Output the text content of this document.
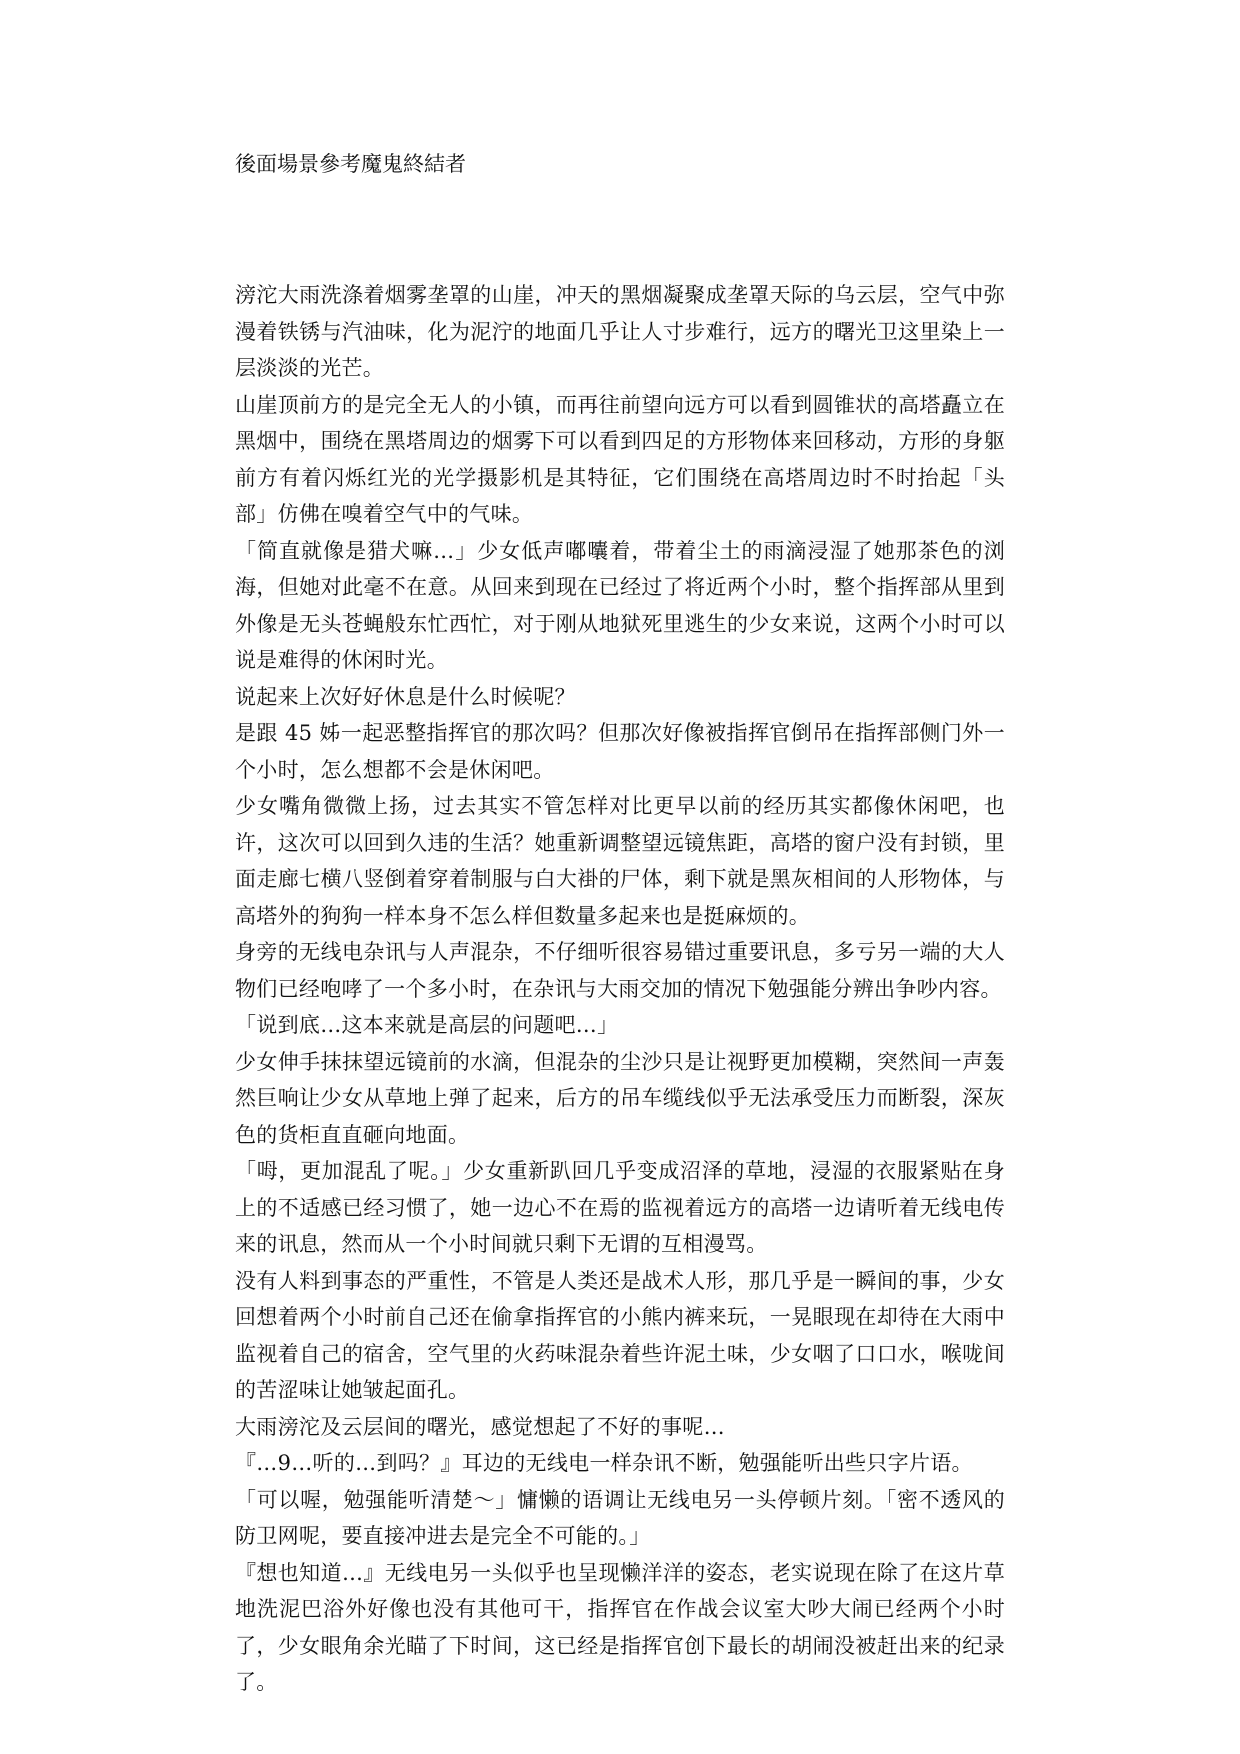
後面場景參考魔鬼終結者

滂沱大雨洗涤着烟雾垄罩的山崖，冲天的黑烟凝聚成垄罩天际的乌云层，空气中弥漫着铁锈与汽油味，化为泥泞的地面几乎让人寸步难行，远方的曙光卫这里染上一层淡淡的光芒。

山崖顶前方的是完全无人的小镇，而再往前望向远方可以看到圆锥状的高塔矗立在黑烟中，围绕在黑塔周边的烟雾下可以看到四足的方形物体来回移动，方形的身躯前方有着闪烁红光的光学摄影机是其特征，它们围绕在高塔周边时不时抬起「头部」仿佛在嗅着空气中的气味。

「简直就像是猎犬嘛…」少女低声嘟囔着，带着尘土的雨滴浸湿了她那茶色的浏海，但她对此毫不在意。从回来到现在已经过了将近两个小时，整个指挥部从里到外像是无头苍蝇般东忙西忙，对于刚从地狱死里逃生的少女来说，这两个小时可以说是难得的休闲时光。

说起来上次好好休息是什么时候呢？

是跟 45 姊一起恶整指挥官的那次吗？但那次好像被指挥官倒吊在指挥部侧门外一个小时，怎么想都不会是休闲吧。

少女嘴角微微上扬，过去其实不管怎样对比更早以前的经历其实都像休闲吧，也许，这次可以回到久违的生活？她重新调整望远镜焦距，高塔的窗户没有封锁，里面走廊七横八竖倒着穿着制服与白大褂的尸体，剩下就是黑灰相间的人形物体，与高塔外的狗狗一样本身不怎么样但数量多起来也是挺麻烦的。

身旁的无线电杂讯与人声混杂，不仔细听很容易错过重要讯息，多亏另一端的大人物们已经咆哮了一个多小时，在杂讯与大雨交加的情况下勉强能分辨出争吵内容。

「说到底…这本来就是高层的问题吧…」

少女伸手抹抹望远镜前的水滴，但混杂的尘沙只是让视野更加模糊，突然间一声轰然巨响让少女从草地上弹了起来，后方的吊车缆线似乎无法承受压力而断裂，深灰色的货柜直直砸向地面。

「呣，更加混乱了呢。」少女重新趴回几乎变成沼泽的草地，浸湿的衣服紧贴在身上的不适感已经习惯了，她一边心不在焉的监视着远方的高塔一边请听着无线电传来的讯息，然而从一个小时间就只剩下无谓的互相漫骂。

没有人料到事态的严重性，不管是人类还是战术人形，那几乎是一瞬间的事，少女回想着两个小时前自己还在偷拿指挥官的小熊内裤来玩，一晃眼现在却待在大雨中监视着自己的宿舍，空气里的火药味混杂着些许泥土味，少女咽了口口水，喉咙间的苦涩味让她皱起面孔。

大雨滂沱及云层间的曙光，感觉想起了不好的事呢…

『…9…听的…到吗？』耳边的无线电一样杂讯不断，勉强能听出些只字片语。

「可以喔，勉强能听清楚～」慵懒的语调让无线电另一头停顿片刻。「密不透风的防卫网呢，要直接冲进去是完全不可能的。」

『想也知道…』无线电另一头似乎也呈现懒洋洋的姿态，老实说现在除了在这片草地洗泥巴浴外好像也没有其他可干，指挥官在作战会议室大吵大闹已经两个小时了，少女眼角余光瞄了下时间，这已经是指挥官创下最长的胡闹没被赶出来的纪录了。
